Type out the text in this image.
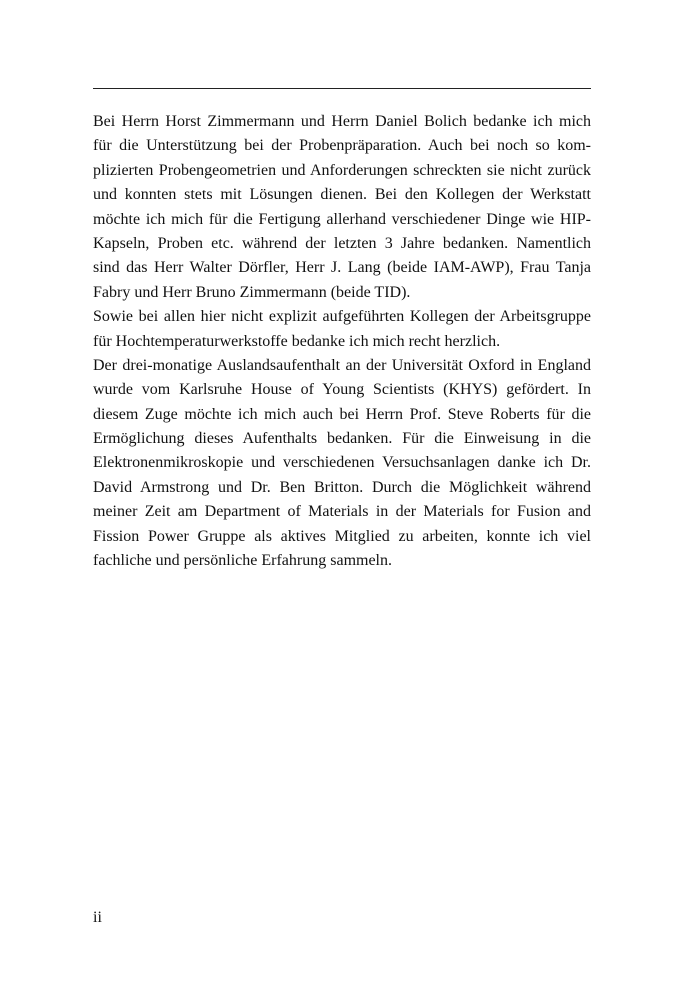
Bei Herrn Horst Zimmermann und Herrn Daniel Bolich bedanke ich mich
für die Unterstützung bei der Probenpräparation. Auch bei noch so kom-
plizierten Probengeometrien und Anforderungen schreckten sie nicht zurück
und konnten stets mit Lösungen dienen. Bei den Kollegen der Werkstatt
möchte ich mich für die Fertigung allerhand verschiedener Dinge wie HIP-
Kapseln, Proben etc. während der letzten 3 Jahre bedanken. Namentlich
sind das Herr Walter Dörfler, Herr J. Lang (beide IAM-AWP), Frau Tanja
Fabry und Herr Bruno Zimmermann (beide TID).
Sowie bei allen hier nicht explizit aufgeführten Kollegen der Arbeitsgruppe
für Hochtemperaturwerkstoffe bedanke ich mich recht herzlich.
Der drei-monatige Auslandsaufenthalt an der Universität Oxford in England
wurde vom Karlsruhe House of Young Scientists (KHYS) gefördert. In
diesem Zuge möchte ich mich auch bei Herrn Prof. Steve Roberts für die
Ermöglichung dieses Aufenthalts bedanken. Für die Einweisung in die
Elektronenmikroskopie und verschiedenen Versuchsanlagen danke ich Dr.
David Armstrong und Dr. Ben Britton. Durch die Möglichkeit während
meiner Zeit am Department of Materials in der Materials for Fusion and
Fission Power Gruppe als aktives Mitglied zu arbeiten, konnte ich viel
fachliche und persönliche Erfahrung sammeln.
ii
